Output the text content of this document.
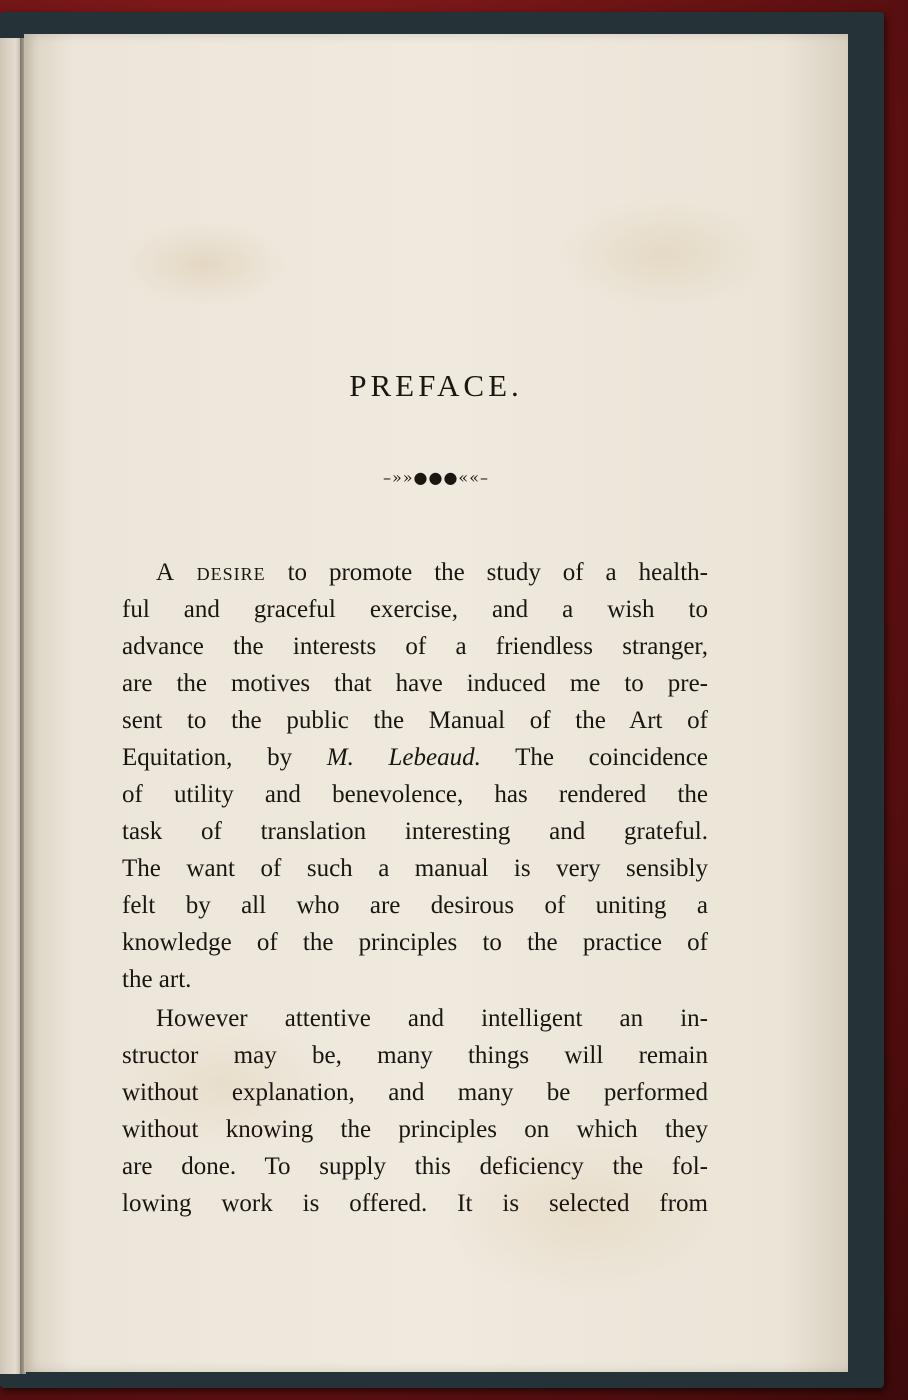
PREFACE.
–»»●●●««–

A desire to promote the study of a health-
ful and graceful exercise, and a wish to
advance the interests of a friendless stranger,
are the motives that have induced me to pre-
sent to the public the Manual of the Art of
Equitation, by M. Lebeaud. The coincidence
of utility and benevolence, has rendered the
task of translation interesting and grateful.
The want of such a manual is very sensibly
felt by all who are desirous of uniting a
knowledge of the principles to the practice of
the art.

However attentive and intelligent an in-
structor may be, many things will remain
without explanation, and many be performed
without knowing the principles on which they
are done. To supply this deficiency the fol-
lowing work is offered. It is selected from
